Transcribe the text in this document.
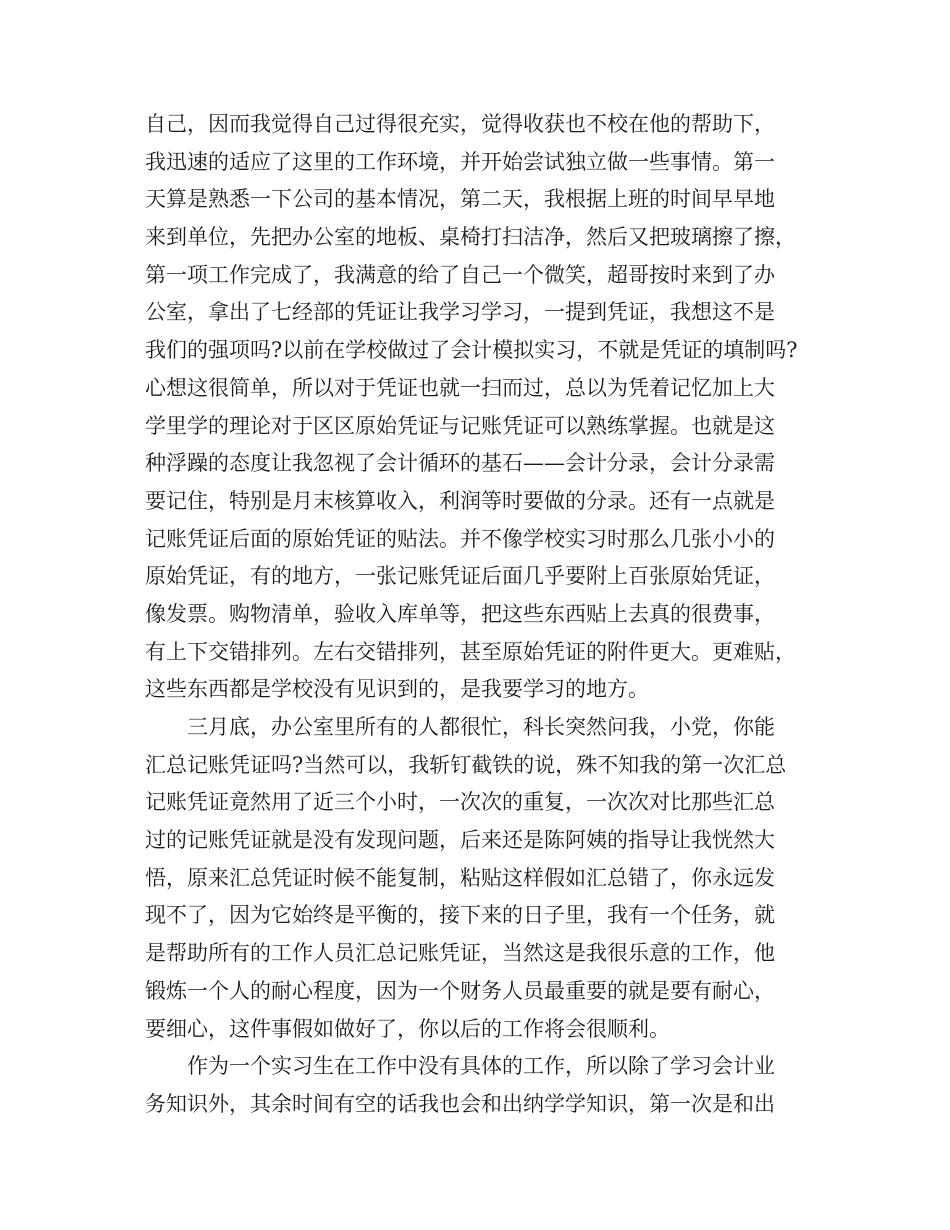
自己，因而我觉得自己过得很充实，觉得收获也不校在他的帮助下，
我迅速的适应了这里的工作环境，并开始尝试独立做一些事情。第一
天算是熟悉一下公司的基本情况，第二天，我根据上班的时间早早地
来到单位，先把办公室的地板、桌椅打扫洁净，然后又把玻璃擦了擦，
第一项工作完成了，我满意的给了自己一个微笑，超哥按时来到了办
公室，拿出了七经部的凭证让我学习学习，一提到凭证，我想这不是
我们的强项吗?以前在学校做过了会计模拟实习，不就是凭证的填制吗?
心想这很简单，所以对于凭证也就一扫而过，总以为凭着记忆加上大
学里学的理论对于区区原始凭证与记账凭证可以熟练掌握。也就是这
种浮躁的态度让我忽视了会计循环的基石——会计分录，会计分录需
要记住，特别是月末核算收入，利润等时要做的分录。还有一点就是
记账凭证后面的原始凭证的贴法。并不像学校实习时那么几张小小的
原始凭证，有的地方，一张记账凭证后面几乎要附上百张原始凭证，
像发票。购物清单，验收入库单等，把这些东西贴上去真的很费事，
有上下交错排列。左右交错排列，甚至原始凭证的附件更大。更难贴，
这些东西都是学校没有见识到的，是我要学习的地方。
三月底，办公室里所有的人都很忙，科长突然问我，小党，你能
汇总记账凭证吗?当然可以，我斩钉截铁的说，殊不知我的第一次汇总
记账凭证竟然用了近三个小时，一次次的重复，一次次对比那些汇总
过的记账凭证就是没有发现问题，后来还是陈阿姨的指导让我恍然大
悟，原来汇总凭证时候不能复制，粘贴这样假如汇总错了，你永远发
现不了，因为它始终是平衡的，接下来的日子里，我有一个任务，就
是帮助所有的工作人员汇总记账凭证，当然这是我很乐意的工作，他
锻炼一个人的耐心程度，因为一个财务人员最重要的就是要有耐心，
要细心，这件事假如做好了，你以后的工作将会很顺利。
作为一个实习生在工作中没有具体的工作，所以除了学习会计业
务知识外，其余时间有空的话我也会和出纳学学知识，第一次是和出
